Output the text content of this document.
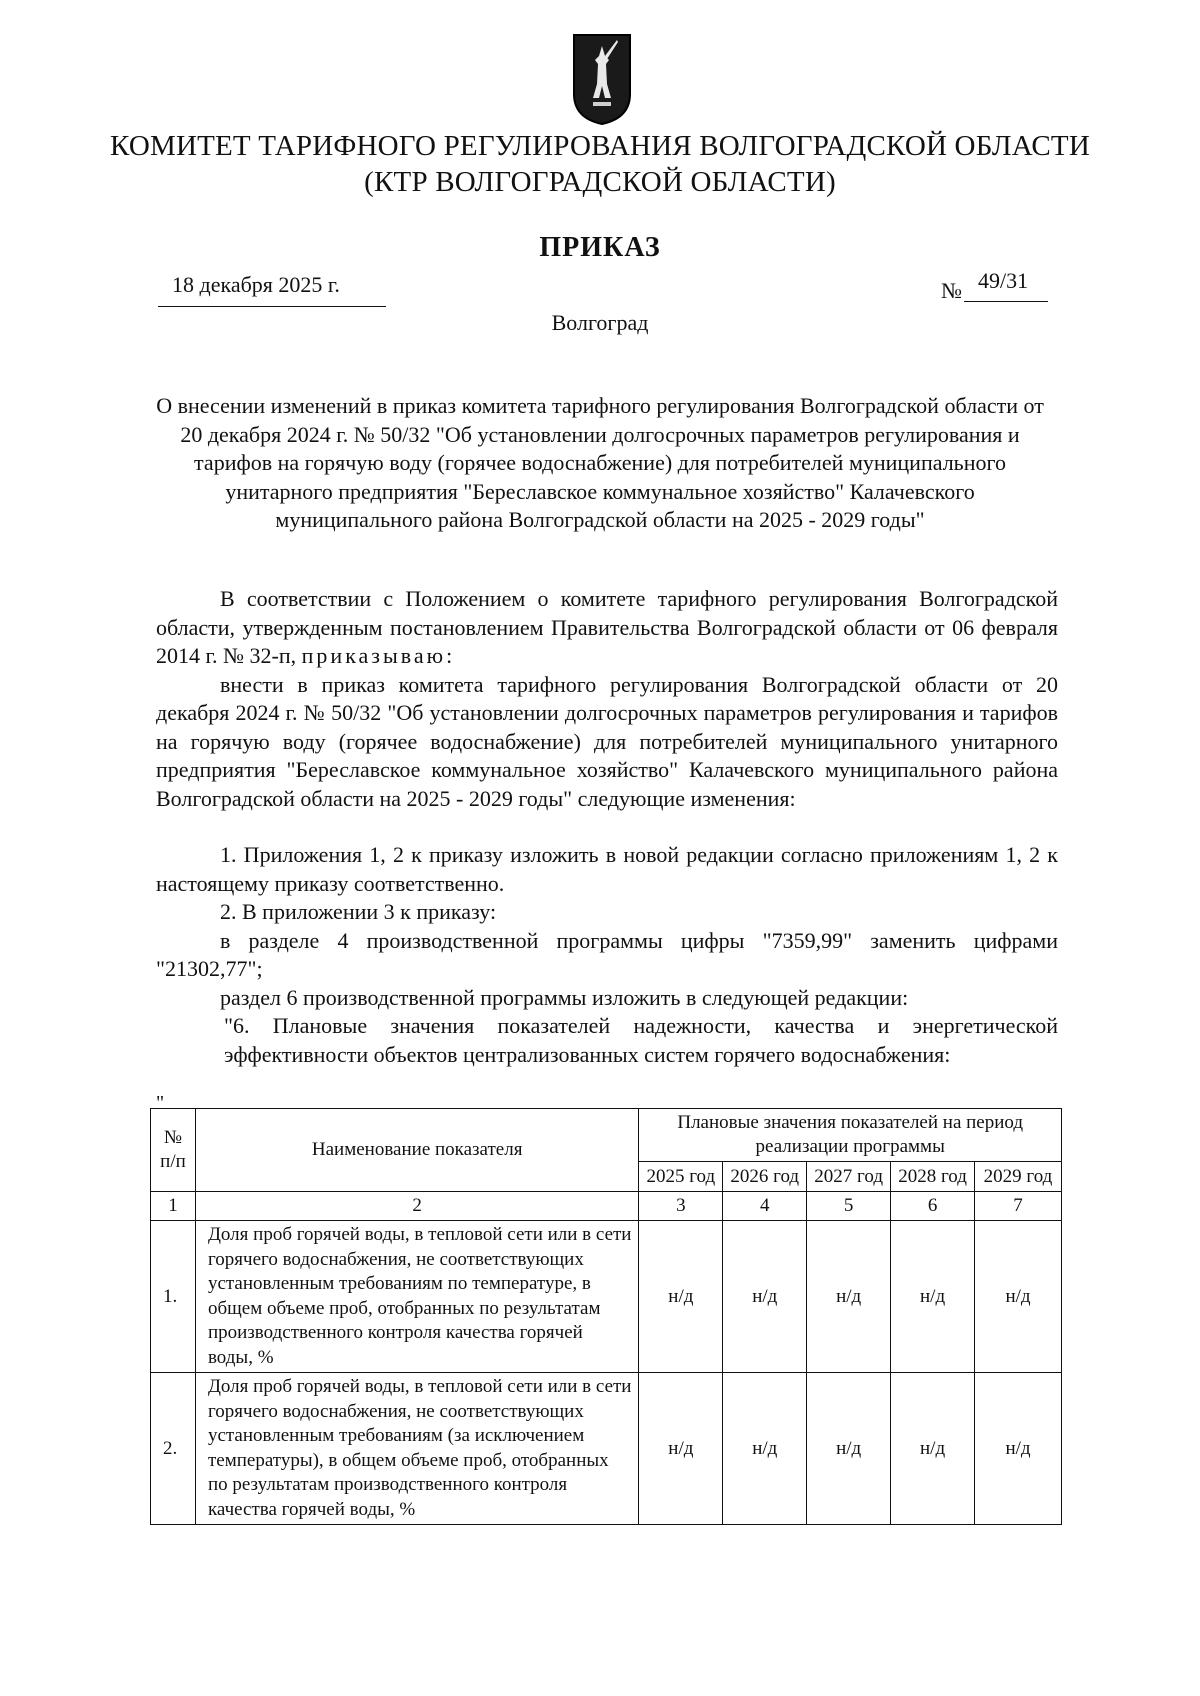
КОМИТЕТ ТАРИФНОГО РЕГУЛИРОВАНИЯ ВОЛГОГРАДСКОЙ ОБЛАСТИ
(КТР ВОЛГОГРАДСКОЙ ОБЛАСТИ)
ПРИКАЗ
18 декабря 2025 г.	№ 49/31
Волгоград
О внесении изменений в приказ комитета тарифного регулирования Волгоградской области от 20 декабря 2024 г. № 50/32 "Об установлении долгосрочных параметров регулирования и тарифов на горячую воду (горячее водоснабжение) для потребителей муниципального унитарного предприятия "Береславское коммунальное хозяйство" Калачевского муниципального района Волгоградской области на 2025 - 2029 годы"

В соответствии с Положением о комитете тарифного регулирования Волгоградской области, утвержденным постановлением Правительства Волгоградской области от 06 февраля 2014 г. № 32-п, приказываю:

внести в приказ комитета тарифного регулирования Волгоградской области от 20 декабря 2024 г. № 50/32 "Об установлении долгосрочных параметров регулирования и тарифов на горячую воду (горячее водоснабжение) для потребителей муниципального унитарного предприятия "Береславское коммунальное хозяйство" Калачевского муниципального района Волгоградской области на 2025 - 2029 годы" следующие изменения:

1. Приложения 1, 2 к приказу изложить в новой редакции согласно приложениям 1, 2 к настоящему приказу соответственно.

2. В приложении 3 к приказу:

в разделе 4 производственной программы цифры "7359,99" заменить цифрами "21302,77";

раздел 6 производственной программы изложить в следующей редакции:

"6. Плановые значения показателей надежности, качества и энергетической эффективности объектов централизованных систем горячего водоснабжения:

"
№ п/п	Наименование показателя	Плановые значения показателей на период реализации программы				
		2025 год	2026 год	2027 год	2028 год	2029 год
1	2	3	4	5	6	7
1.	Доля проб горячей воды, в тепловой сети или в сети горячего водоснабжения, не соответствующих установленным требованиям по температуре, в общем объеме проб, отобранных по результатам производственного контроля качества горячей воды, %	н/д	н/д	н/д	н/д	н/д
2.	Доля проб горячей воды, в тепловой сети или в сети горячего водоснабжения, не соответствующих установленным требованиям (за исключением температуры), в общем объеме проб, отобранных по результатам производственного контроля качества горячей воды, %	н/д	н/д	н/д	н/д	н/д
